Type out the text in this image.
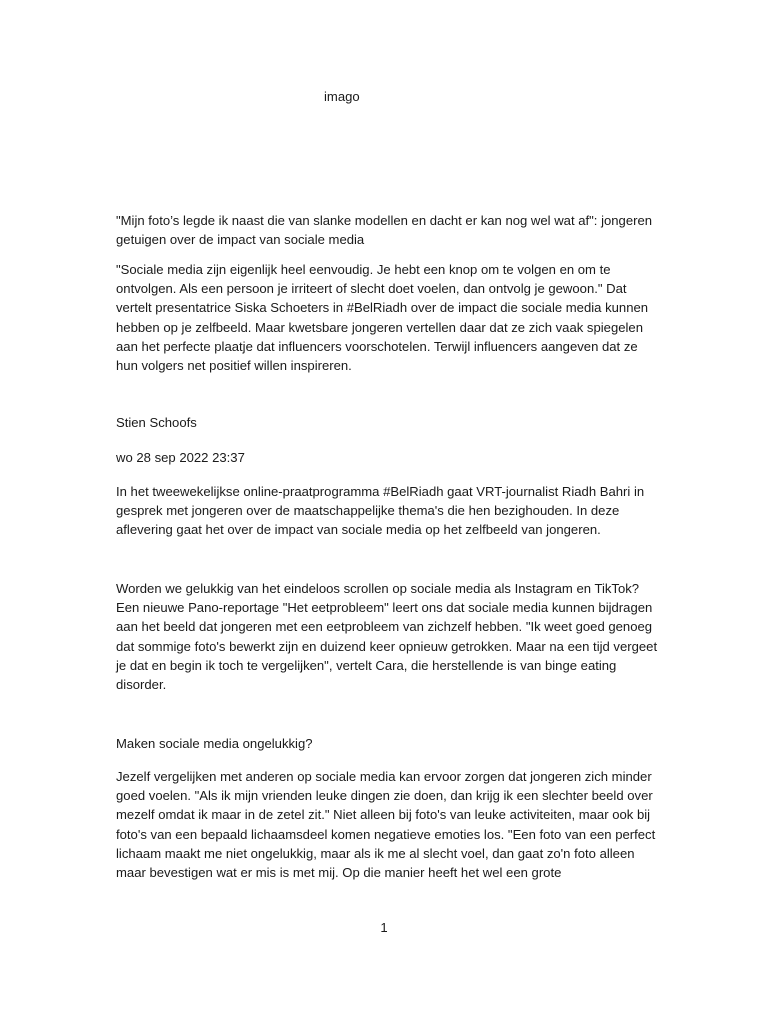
imago

"Mijn foto’s legde ik naast die van slanke modellen en dacht er kan nog wel wat af": jongeren getuigen over de impact van sociale media

"Sociale media zijn eigenlijk heel eenvoudig. Je hebt een knop om te volgen en om te ontvolgen. Als een persoon je irriteert of slecht doet voelen, dan ontvolg je gewoon." Dat vertelt presentatrice Siska Schoeters in #BelRiadh over de impact die sociale media kunnen hebben op je zelfbeeld. Maar kwetsbare jongeren vertellen daar dat ze zich vaak spiegelen aan het perfecte plaatje dat influencers voorschotelen. Terwijl influencers aangeven dat ze hun volgers net positief willen inspireren.

Stien Schoofs

wo 28 sep 2022 23:37

In het tweewekelijkse online-praatprogramma #BelRiadh gaat VRT-journalist Riadh Bahri in gesprek met jongeren over de maatschappelijke thema's die hen bezighouden. In deze aflevering gaat het over de impact van sociale media op het zelfbeeld van jongeren.

Worden we gelukkig van het eindeloos scrollen op sociale media als Instagram en TikTok? Een nieuwe Pano-reportage "Het eetprobleem" leert ons dat sociale media kunnen bijdragen aan het beeld dat jongeren met een eetprobleem van zichzelf hebben. "Ik weet goed genoeg dat sommige foto's bewerkt zijn en duizend keer opnieuw getrokken. Maar na een tijd vergeet je dat en begin ik toch te vergelijken", vertelt Cara, die herstellende is van binge eating disorder.

Maken sociale media ongelukkig?

Jezelf vergelijken met anderen op sociale media kan ervoor zorgen dat jongeren zich minder goed voelen. "Als ik mijn vrienden leuke dingen zie doen, dan krijg ik een slechter beeld over mezelf omdat ik maar in de zetel zit." Niet alleen bij foto's van leuke activiteiten, maar ook bij foto's van een bepaald lichaamsdeel komen negatieve emoties los. "Een foto van een perfect lichaam maakt me niet ongelukkig, maar als ik me al slecht voel, dan gaat zo'n foto alleen maar bevestigen wat er mis is met mij. Op die manier heeft het wel een grote

1
